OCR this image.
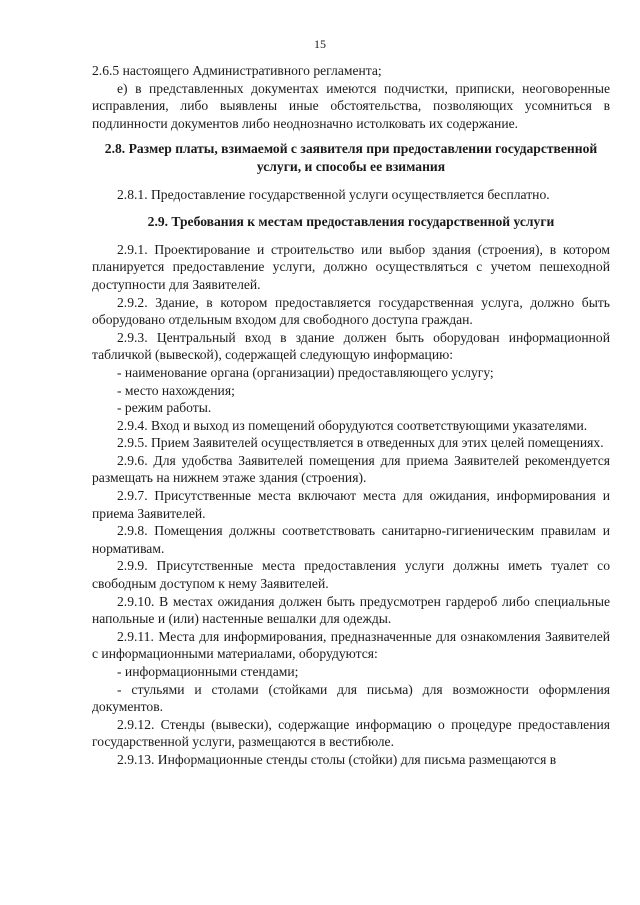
15

2.6.5 настоящего Административного регламента;

е) в представленных документах имеются подчистки, приписки, неоговоренные исправления, либо выявлены иные обстоятельства, позволяющих усомниться в подлинности документов либо неоднозначно истолковать их содержание.

2.8. Размер платы, взимаемой с заявителя при предоставлении государственной услуги, и способы ее взимания

2.8.1. Предоставление государственной услуги осуществляется бесплатно.

2.9. Требования к местам предоставления государственной услуги

2.9.1. Проектирование и строительство или выбор здания (строения), в котором планируется предоставление услуги, должно осуществляться с учетом пешеходной доступности для Заявителей.

2.9.2. Здание, в котором предоставляется государственная услуга, должно быть оборудовано отдельным входом для свободного доступа граждан.

2.9.3. Центральный вход в здание должен быть оборудован информационной табличкой (вывеской), содержащей следующую информацию:

- наименование органа (организации) предоставляющего услугу;

- место нахождения;

- режим работы.

2.9.4. Вход и выход из помещений оборудуются соответствующими указателями.

2.9.5. Прием Заявителей осуществляется в отведенных для этих целей помещениях.

2.9.6. Для удобства Заявителей помещения для приема Заявителей рекомендуется размещать на нижнем этаже здания (строения).

2.9.7. Присутственные места включают места для ожидания, информирования и приема Заявителей.

2.9.8. Помещения должны соответствовать санитарно-гигиеническим правилам и нормативам.

2.9.9. Присутственные места предоставления услуги должны иметь туалет со свободным доступом к нему Заявителей.

2.9.10. В местах ожидания должен быть предусмотрен гардероб либо специальные напольные и (или) настенные вешалки для одежды.

2.9.11. Места для информирования, предназначенные для ознакомления Заявителей с информационными материалами, оборудуются:

- информационными стендами;

- стульями и столами (стойками для письма) для возможности оформления документов.

2.9.12. Стенды (вывески), содержащие информацию о процедуре предоставления государственной услуги, размещаются в вестибюле.

2.9.13. Информационные стенды столы (стойки) для письма размещаются в
